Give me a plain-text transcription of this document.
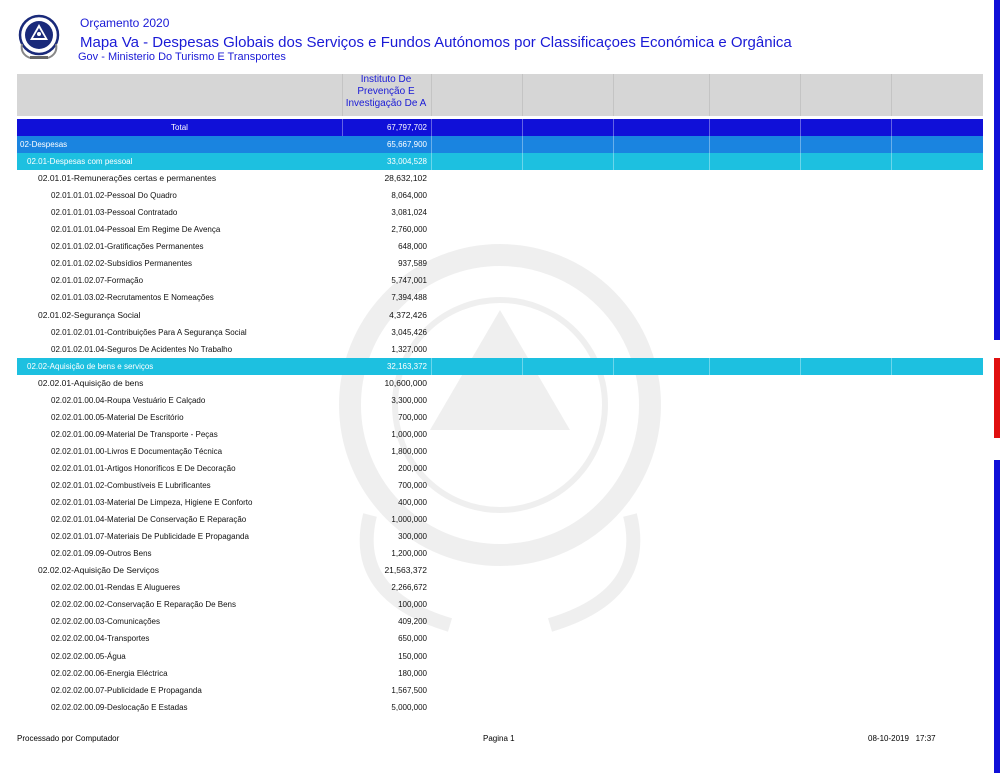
Orçamento 2020
Mapa Va - Despesas Globais dos Serviços e Fundos Autónomos por Classificaçoes Económica e Orgânica
Gov - Ministerio Do Turismo E Transportes
Instituto De Prevenção E Investigação De A
Total	67,797,702
02-Despesas	65,667,900
02.01-Despesas com pessoal	33,004,528
02.01.01-Remunerações certas e permanentes	28,632,102
02.01.01.01.02-Pessoal Do Quadro	8,064,000
02.01.01.01.03-Pessoal Contratado	3,081,024
02.01.01.01.04-Pessoal Em Regime De Avença	2,760,000
02.01.01.02.01-Gratificações Permanentes	648,000
02.01.01.02.02-Subsídios Permanentes	937,589
02.01.01.02.07-Formação	5,747,001
02.01.01.03.02-Recrutamentos E Nomeações	7,394,488
02.01.02-Segurança Social	4,372,426
02.01.02.01.01-Contribuições Para A Segurança Social	3,045,426
02.01.02.01.04-Seguros De Acidentes No Trabalho	1,327,000
02.02-Aquisição de bens e serviços	32,163,372
02.02.01-Aquisição de bens	10,600,000
02.02.01.00.04-Roupa Vestuário E Calçado	3,300,000
02.02.01.00.05-Material De Escritório	700,000
02.02.01.00.09-Material De Transporte - Peças	1,000,000
02.02.01.01.00-Livros E Documentação Técnica	1,800,000
02.02.01.01.01-Artigos Honoríficos E De Decoração	200,000
02.02.01.01.02-Combustíveis E Lubrificantes	700,000
02.02.01.01.03-Material De Limpeza, Higiene E Conforto	400,000
02.02.01.01.04-Material De Conservação E Reparação	1,000,000
02.02.01.01.07-Materiais De Publicidade E Propaganda	300,000
02.02.01.09.09-Outros Bens	1,200,000
02.02.02-Aquisição De Serviços	21,563,372
02.02.02.00.01-Rendas E Alugueres	2,266,672
02.02.02.00.02-Conservação E Reparação De Bens	100,000
02.02.02.00.03-Comunicações	409,200
02.02.02.00.04-Transportes	650,000
02.02.02.00.05-Água	150,000
02.02.02.00.06-Energia Eléctrica	180,000
02.02.02.00.07-Publicidade E Propaganda	1,567,500
02.02.02.00.09-Deslocação E Estadas	5,000,000
Processado por Computador	Pagina 1	08-10-2019   17:37
